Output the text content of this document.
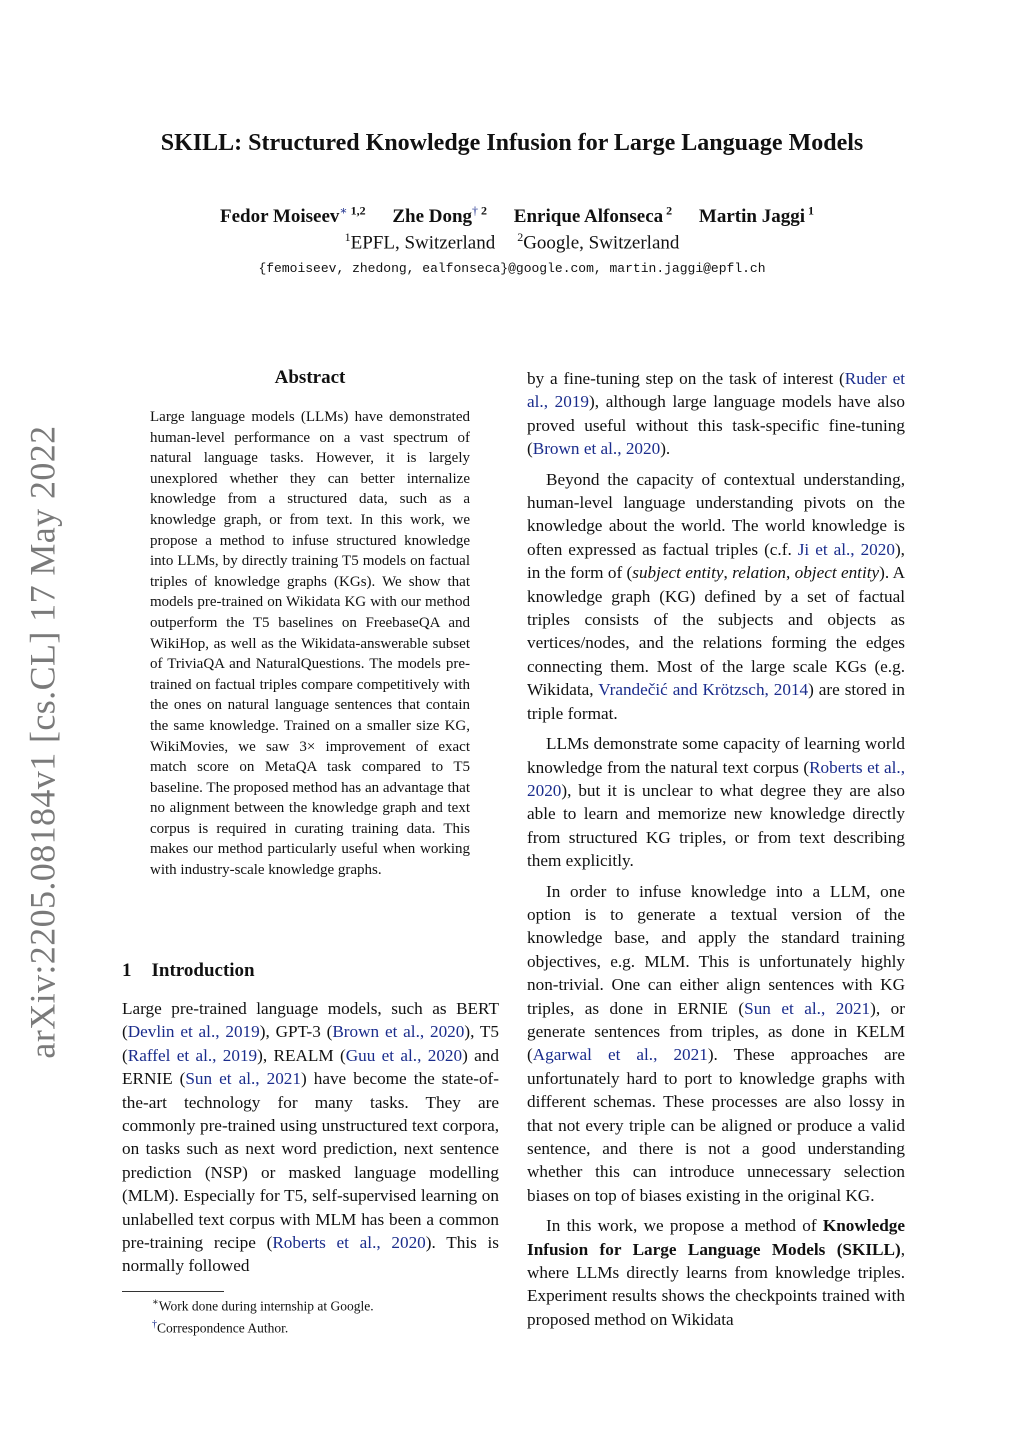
arXiv:2205.08184v1 [cs.CL] 17 May 2022
SKILL: Structured Knowledge Infusion for Large Language Models
Fedor Moiseev∗ $^{1,2}$ Zhe Dong† $^2$ Enrique Alfonseca $^2$ Martin Jaggi $^1$
$^1$EPFL, Switzerland $^2$Google, Switzerland
{femoiseev, zhedong, ealfonseca}@google.com, martin.jaggi@epfl.ch
Abstract
Large language models (LLMs) have demonstrated human-level performance on a vast spectrum of natural language tasks. However, it is largely unexplored whether they can better internalize knowledge from a structured data, such as a knowledge graph, or from text. In this work, we propose a method to infuse structured knowledge into LLMs, by directly training T5 models on factual triples of knowledge graphs (KGs). We show that models pre-trained on Wikidata KG with our method outperform the T5 baselines on FreebaseQA and WikiHop, as well as the Wikidata-answerable subset of TriviaQA and NaturalQuestions. The models pre-trained on factual triples compare competitively with the ones on natural language sentences that contain the same knowledge. Trained on a smaller size KG, WikiMovies, we saw 3× improvement of exact match score on MetaQA task compared to T5 baseline. The proposed method has an advantage that no alignment between the knowledge graph and text corpus is required in curating training data. This makes our method particularly useful when working with industry-scale knowledge graphs.
1 Introduction

Large pre-trained language models, such as BERT (Devlin et al., 2019), GPT-3 (Brown et al., 2020), T5 (Raffel et al., 2019), REALM (Guu et al., 2020) and ERNIE (Sun et al., 2021) have become the state-of-the-art technology for many tasks. They are commonly pre-trained using unstructured text corpora, on tasks such as next word prediction, next sentence prediction (NSP) or masked language modelling (MLM). Especially for T5, self-supervised learning on unlabelled text corpus with MLM has been a common pre-training recipe (Roberts et al., 2020). This is normally followed

by a fine-tuning step on the task of interest (Ruder et al., 2019), although large language models have also proved useful without this task-specific fine-tuning (Brown et al., 2020).

Beyond the capacity of contextual understanding, human-level language understanding pivots on the knowledge about the world. The world knowledge is often expressed as factual triples (c.f. Ji et al., 2020), in the form of (subject entity, relation, object entity). A knowledge graph (KG) defined by a set of factual triples consists of the subjects and objects as vertices/nodes, and the relations forming the edges connecting them. Most of the large scale KGs (e.g. Wikidata, Vrandečić and Krötzsch, 2014) are stored in triple format.

LLMs demonstrate some capacity of learning world knowledge from the natural text corpus (Roberts et al., 2020), but it is unclear to what degree they are also able to learn and memorize new knowledge directly from structured KG triples, or from text describing them explicitly.

In order to infuse knowledge into a LLM, one option is to generate a textual version of the knowledge base, and apply the standard training objectives, e.g. MLM. This is unfortunately highly non-trivial. One can either align sentences with KG triples, as done in ERNIE (Sun et al., 2021), or generate sentences from triples, as done in KELM (Agarwal et al., 2021). These approaches are unfortunately hard to port to knowledge graphs with different schemas. These processes are also lossy in that not every triple can be aligned or produce a valid sentence, and there is not a good understanding whether this can introduce unnecessary selection biases on top of biases existing in the original KG.

In this work, we propose a method of Knowledge Infusion for Large Language Models (SKILL), where LLMs directly learns from knowledge triples. Experiment results shows the checkpoints trained with proposed method on Wikidata

∗Work done during internship at Google.
†Correspondence Author.
